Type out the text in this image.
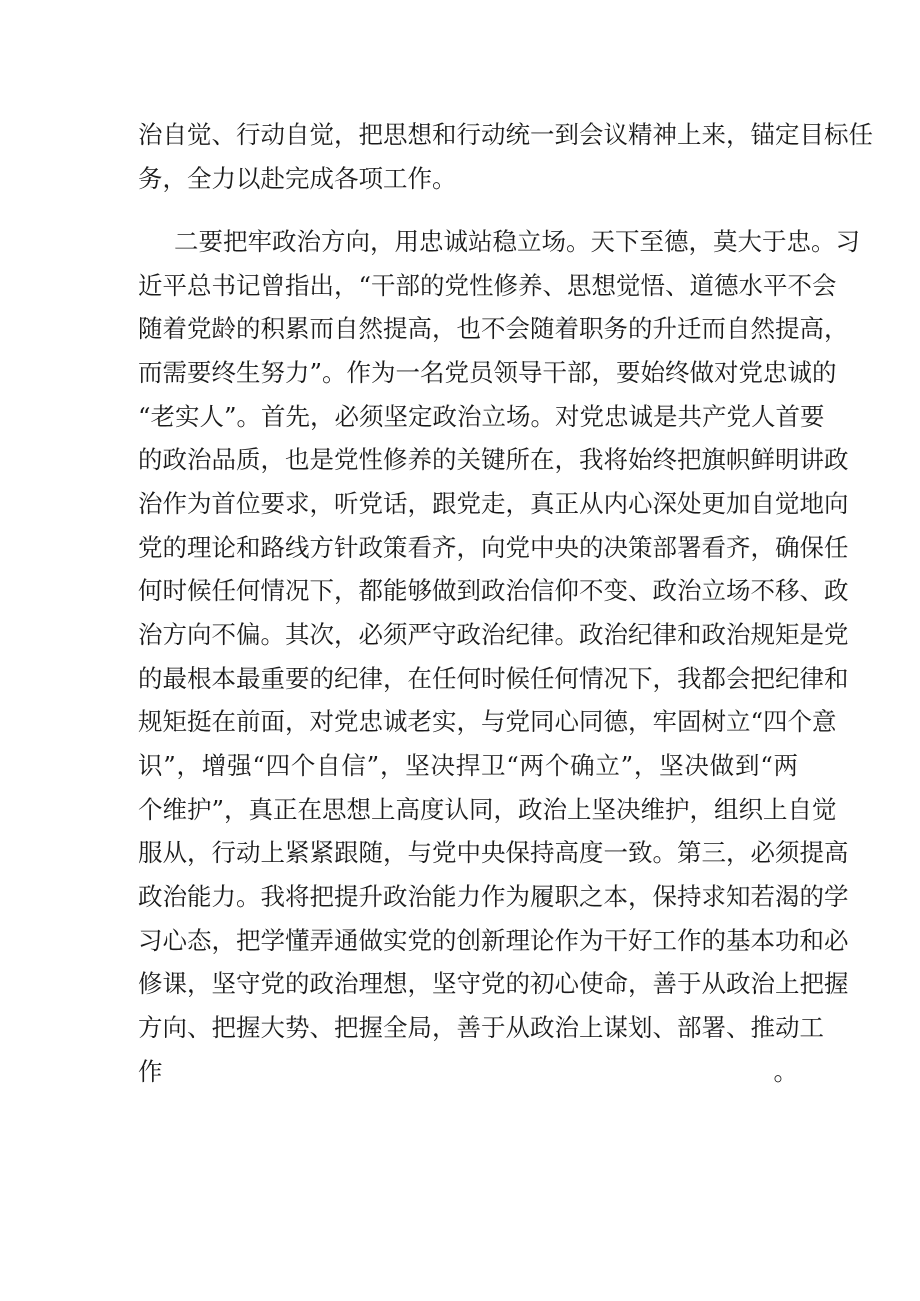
治自觉、行动自觉，把思想和行动统一到会议精神上来，锚定目标任

务，全力以赴完成各项工作。

二要把牢政治方向，用忠诚站稳立场。天下至德，莫大于忠。习

近平总书记曾指出，“干部的党性修养、思想觉悟、道德水平不会

随着党龄的积累而自然提高，也不会随着职务的升迁而自然提高，

而需要终生努力”。作为一名党员领导干部，要始终做对党忠诚的

“老实人”。首先，必须坚定政治立场。对党忠诚是共产党人首要

的政治品质，也是党性修养的关键所在，我将始终把旗帜鲜明讲政

治作为首位要求，听党话，跟党走，真正从内心深处更加自觉地向

党的理论和路线方针政策看齐，向党中央的决策部署看齐，确保任

何时候任何情况下，都能够做到政治信仰不变、政治立场不移、政

治方向不偏。其次，必须严守政治纪律。政治纪律和政治规矩是党

的最根本最重要的纪律，在任何时候任何情况下，我都会把纪律和

规矩挺在前面，对党忠诚老实，与党同心同德，牢固树立“四个意

识”，增强“四个自信”，坚决捍卫“两个确立”，坚决做到“两

个维护”，真正在思想上高度认同，政治上坚决维护，组织上自觉

服从，行动上紧紧跟随，与党中央保持高度一致。第三，必须提高

政治能力。我将把提升政治能力作为履职之本，保持求知若渴的学

习心态，把学懂弄通做实党的创新理论作为干好工作的基本功和必

修课，坚守党的政治理想，坚守党的初心使命，善于从政治上把握

方向、把握大势、把握全局，善于从政治上谋划、部署、推动工

作。
